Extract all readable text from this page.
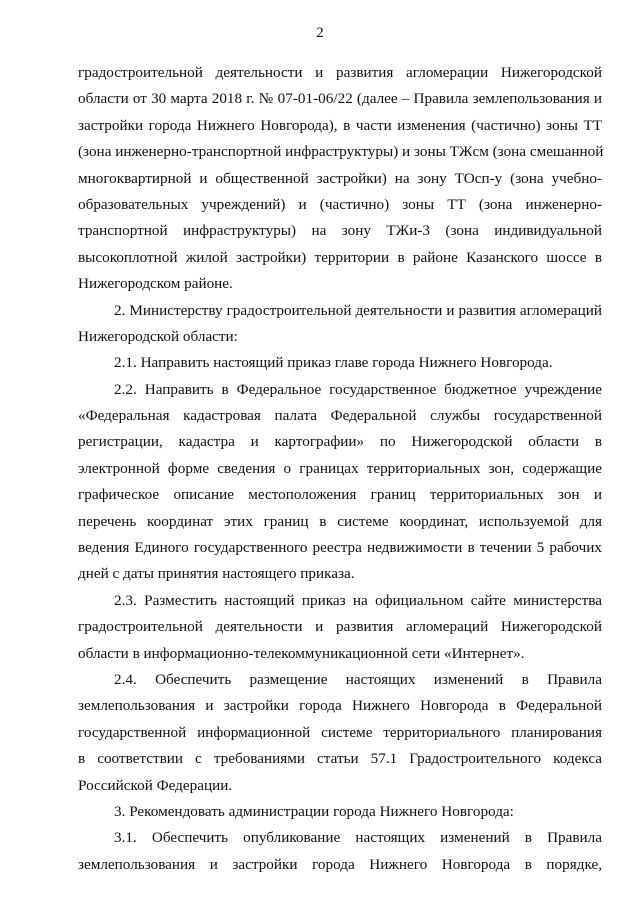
2
градостроительной деятельности и развития агломерации Нижегородской
области от 30 марта 2018 г. № 07-01-06/22 (далее – Правила землепользования и
застройки города Нижнего Новгорода), в части изменения (частично) зоны ТТ
(зона инженерно-транспортной инфраструктуры) и зоны ТЖсм (зона смешанной
многоквартирной и общественной застройки) на зону ТОсп-у (зона учебно-
образовательных учреждений) и (частично) зоны ТТ (зона инженерно-
транспортной инфраструктуры) на зону ТЖи-3 (зона индивидуальной
высокоплотной жилой застройки) территории в районе Казанского шоссе в
Нижегородском районе.
2. Министерству градостроительной деятельности и развития агломераций
Нижегородской области:
2.1. Направить настоящий приказ главе города Нижнего Новгорода.
2.2. Направить в Федеральное государственное бюджетное учреждение
«Федеральная кадастровая палата Федеральной службы государственной
регистрации, кадастра и картографии» по Нижегородской области в
электронной форме сведения о границах территориальных зон, содержащие
графическое описание местоположения границ территориальных зон и
перечень координат этих границ в системе координат, используемой для
ведения Единого государственного реестра недвижимости в течении 5 рабочих
дней с даты принятия настоящего приказа.
2.3. Разместить настоящий приказ на официальном сайте министерства
градостроительной деятельности и развития агломераций Нижегородской
области в информационно-телекоммуникационной сети «Интернет».
2.4. Обеспечить размещение настоящих изменений в Правила
землепользования и застройки города Нижнего Новгорода в Федеральной
государственной информационной системе территориального планирования
в соответствии с требованиями статьи 57.1 Градостроительного кодекса
Российской Федерации.
3. Рекомендовать администрации города Нижнего Новгорода:
3.1. Обеспечить опубликование настоящих изменений в Правила
землепользования и застройки города Нижнего Новгорода в порядке,
